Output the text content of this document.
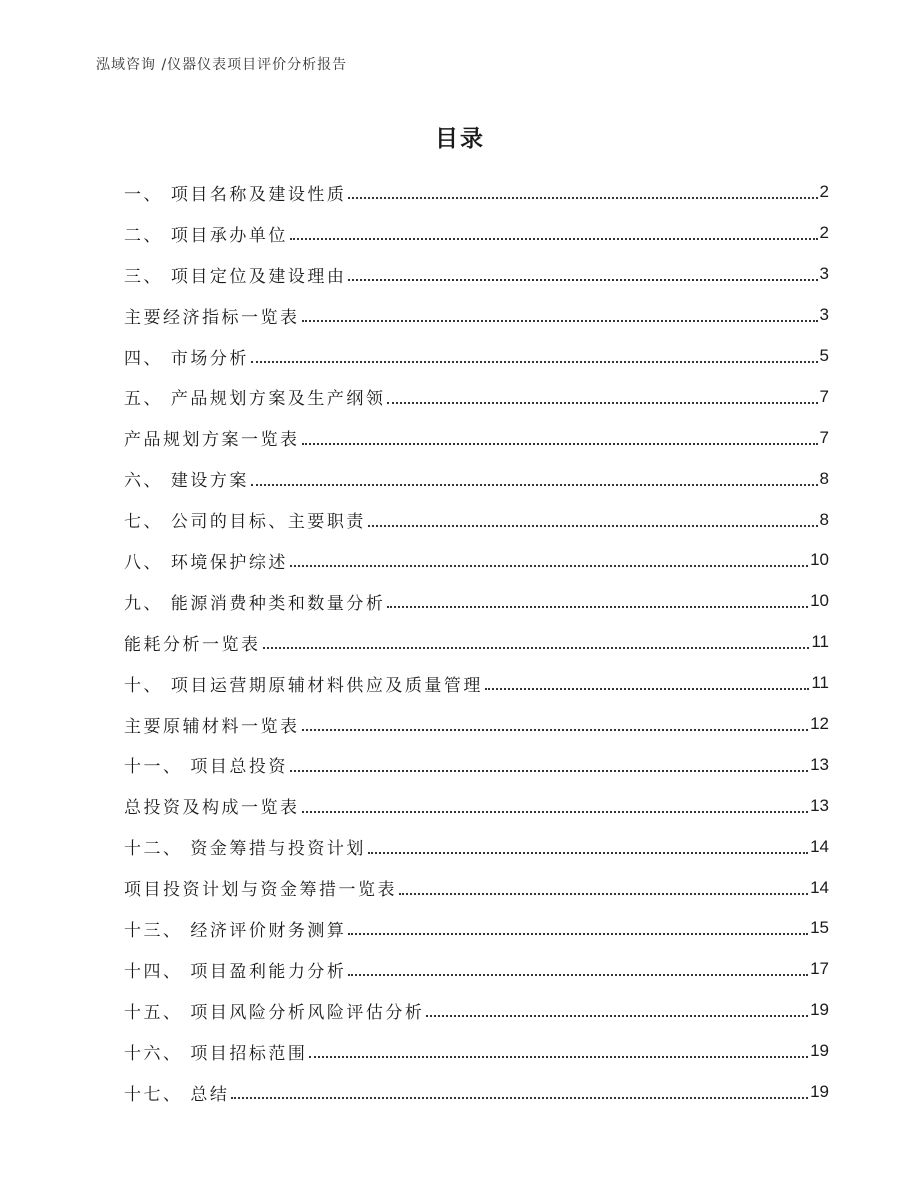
泓域咨询 /仪器仪表项目评价分析报告
目录
一、 项目名称及建设性质	2
二、 项目承办单位	2
三、 项目定位及建设理由	3
主要经济指标一览表	3
四、 市场分析	5
五、 产品规划方案及生产纲领	7
产品规划方案一览表	7
六、 建设方案	8
七、 公司的目标、主要职责	8
八、 环境保护综述	10
九、 能源消费种类和数量分析	10
能耗分析一览表	11
十、 项目运营期原辅材料供应及质量管理	11
主要原辅材料一览表	12
十一、 项目总投资	13
总投资及构成一览表	13
十二、 资金筹措与投资计划	14
项目投资计划与资金筹措一览表	14
十三、 经济评价财务测算	15
十四、 项目盈利能力分析	17
十五、 项目风险分析风险评估分析	19
十六、 项目招标范围	19
十七、 总结	19
